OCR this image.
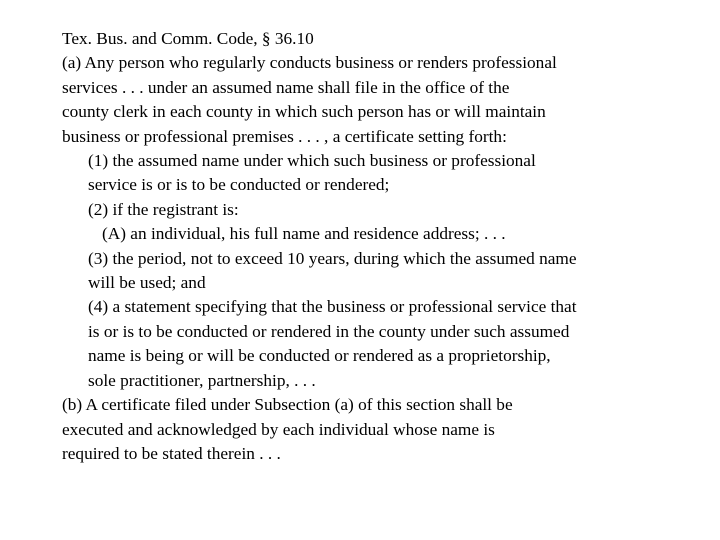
Tex. Bus. and Comm. Code, § 36.10

(a) Any person who regularly conducts business or renders professional
services . . . under an assumed name shall file in the office of the
county clerk in each county in which such person has or will maintain
business or professional premises . . . , a certificate setting forth:

(1) the assumed name under which such business or professional
service is or is to be conducted or rendered;
(2) if the registrant is:
(A) an individual, his full name and residence address; . . .
(3) the period, not to exceed 10 years, during which the assumed name
will be used; and
(4) a statement specifying that the business or professional service that
is or is to be conducted or rendered in the county under such assumed
name is being or will be conducted or rendered as a proprietorship,
sole practitioner, partnership, . . .

(b) A certificate filed under Subsection (a) of this section shall be
executed and acknowledged by each individual whose name is
required to be stated therein . . .
